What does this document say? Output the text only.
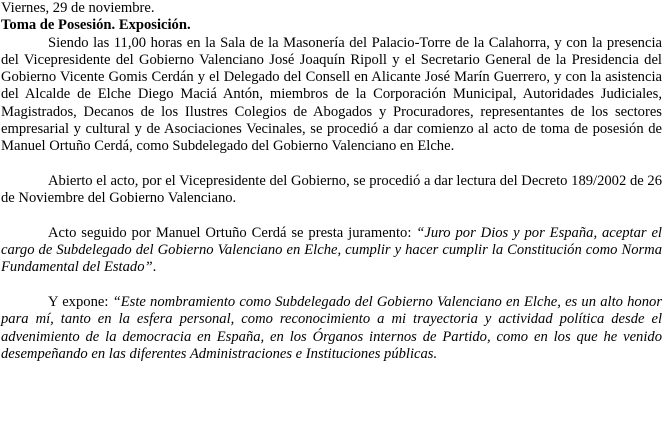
Viernes, 29 de noviembre.

Toma de Posesión. Exposición.

Siendo las 11,00 horas en la Sala de la Masonería del Palacio-Torre de la Calahorra, y con la presencia del Vicepresidente del Gobierno Valenciano José Joaquín Ripoll y el Secretario General de la Presidencia del Gobierno Vicente Gomis Cerdán y el Delegado del Consell en Alicante José Marín Guerrero, y con la asistencia del Alcalde de Elche Diego Maciá Antón, miembros de la Corporación Municipal, Autoridades Judiciales, Magistrados, Decanos de los Ilustres Colegios de Abogados y Procuradores, representantes de los sectores empresarial y cultural y de Asociaciones Vecinales, se procedió a dar comienzo al acto de toma de posesión de Manuel Ortuño Cerdá, como Subdelegado del Gobierno Valenciano en Elche.

Abierto el acto, por el Vicepresidente del Gobierno, se procedió a dar lectura del Decreto 189/2002 de 26 de Noviembre del Gobierno Valenciano.

Acto seguido por Manuel Ortuño Cerdá se presta juramento: “Juro por Dios y por España, aceptar el cargo de Subdelegado del Gobierno Valenciano en Elche, cumplir y hacer cumplir la Constitución como Norma Fundamental del Estado”.

Y expone: “Este nombramiento como Subdelegado del Gobierno Valenciano en Elche, es un alto honor para mí, tanto en la esfera personal, como reconocimiento a mi trayectoria y actividad política desde el advenimiento de la democracia en España, en los Órganos internos de Partido, como en los que he venido desempeñando en las diferentes Administraciones e Instituciones públicas.
